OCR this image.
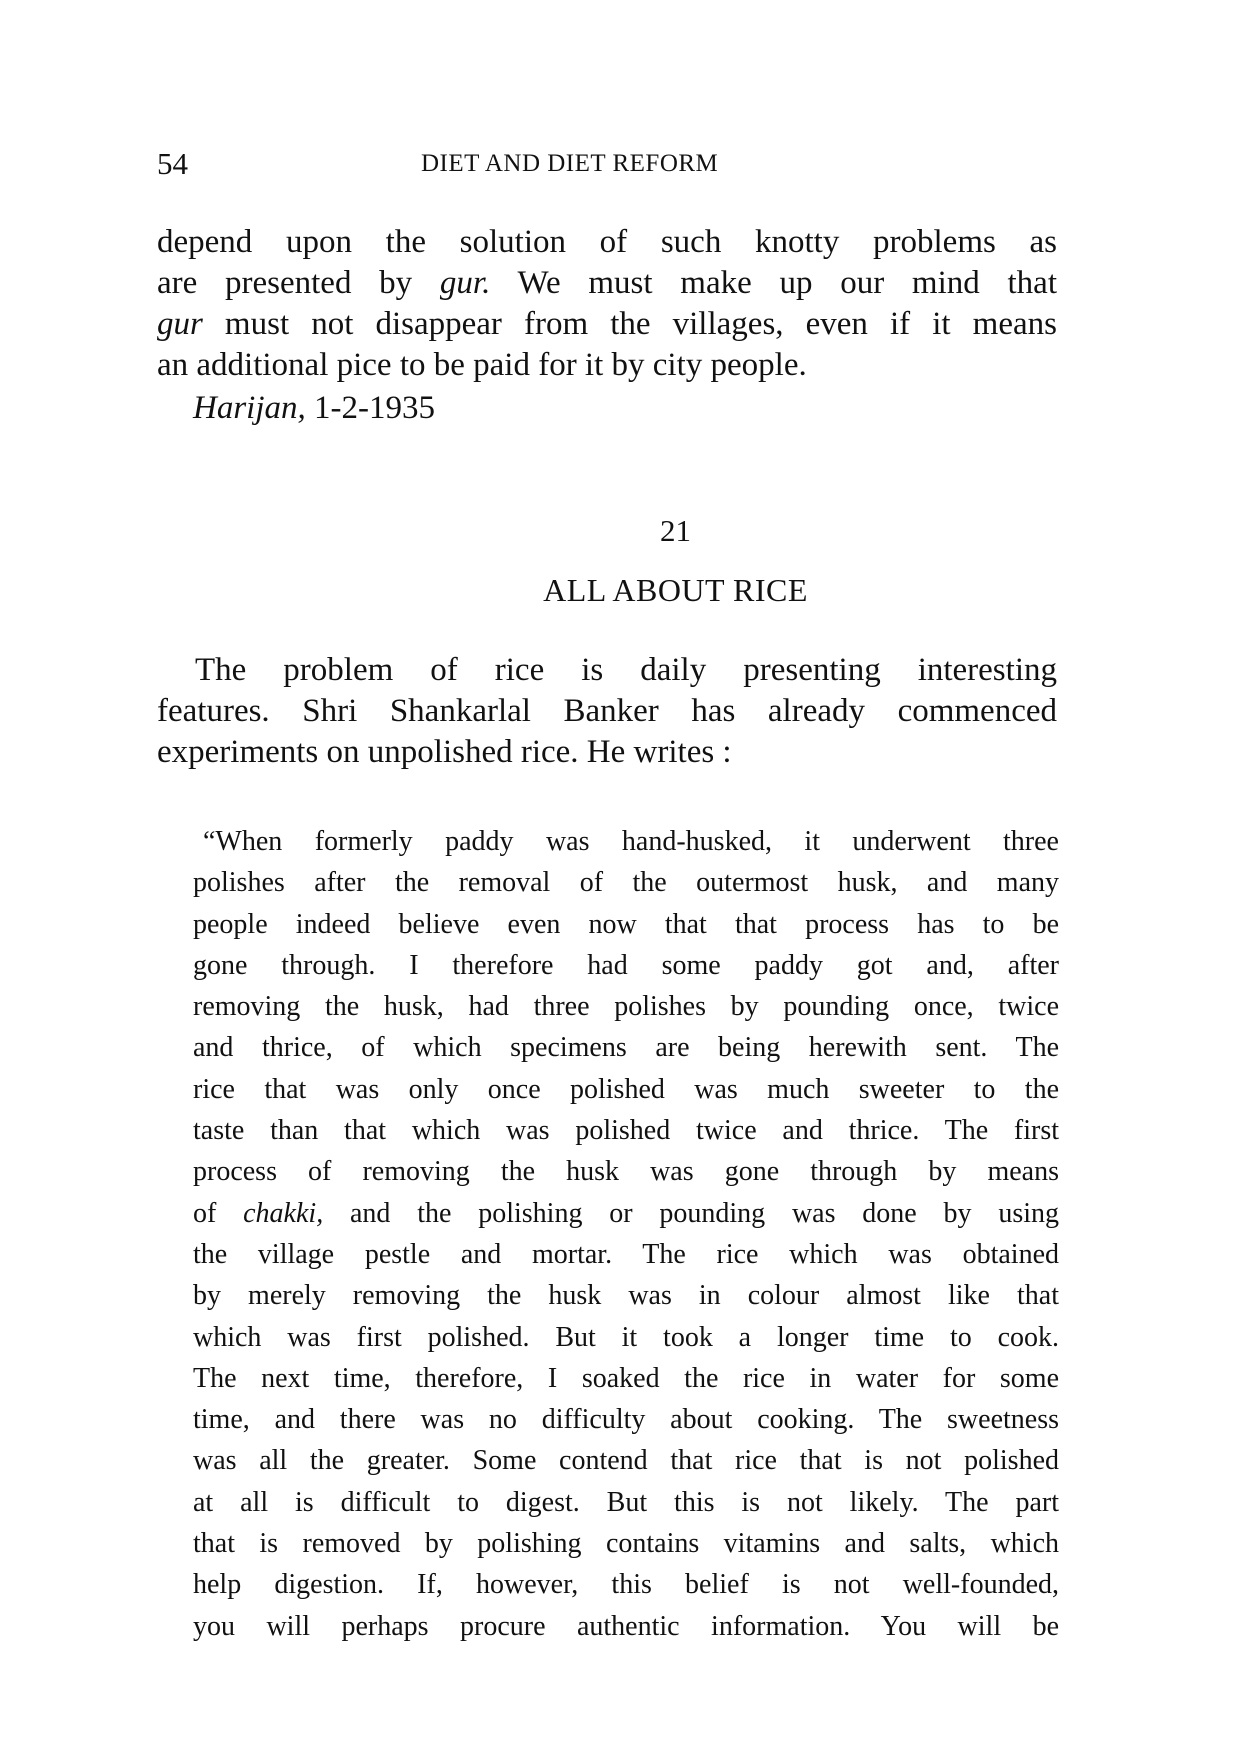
54	DIET AND DIET REFORM
depend upon the solution of such knotty problems as
are presented by gur. We must make up our mind that
gur must not disappear from the villages, even if it means
an additional pice to be paid for it by city people.
Harijan, 1-2-1935
21
ALL ABOUT RICE
The problem of rice is daily presenting interesting
features. Shri Shankarlal Banker has already commenced
experiments on unpolished rice. He writes :
“When formerly paddy was hand-husked, it underwent three
polishes after the removal of the outermost husk, and many
people indeed believe even now that that process has to be
gone through. I therefore had some paddy got and, after
removing the husk, had three polishes by pounding once, twice
and thrice, of which specimens are being herewith sent. The
rice that was only once polished was much sweeter to the
taste than that which was polished twice and thrice. The first
process of removing the husk was gone through by means
of chakki, and the polishing or pounding was done by using
the village pestle and mortar. The rice which was obtained
by merely removing the husk was in colour almost like that
which was first polished. But it took a longer time to cook.
The next time, therefore, I soaked the rice in water for some
time, and there was no difficulty about cooking. The sweetness
was all the greater. Some contend that rice that is not polished
at all is difficult to digest. But this is not likely. The part
that is removed by polishing contains vitamins and salts, which
help digestion. If, however, this belief is not well-founded,
you will perhaps procure authentic information. You will be
